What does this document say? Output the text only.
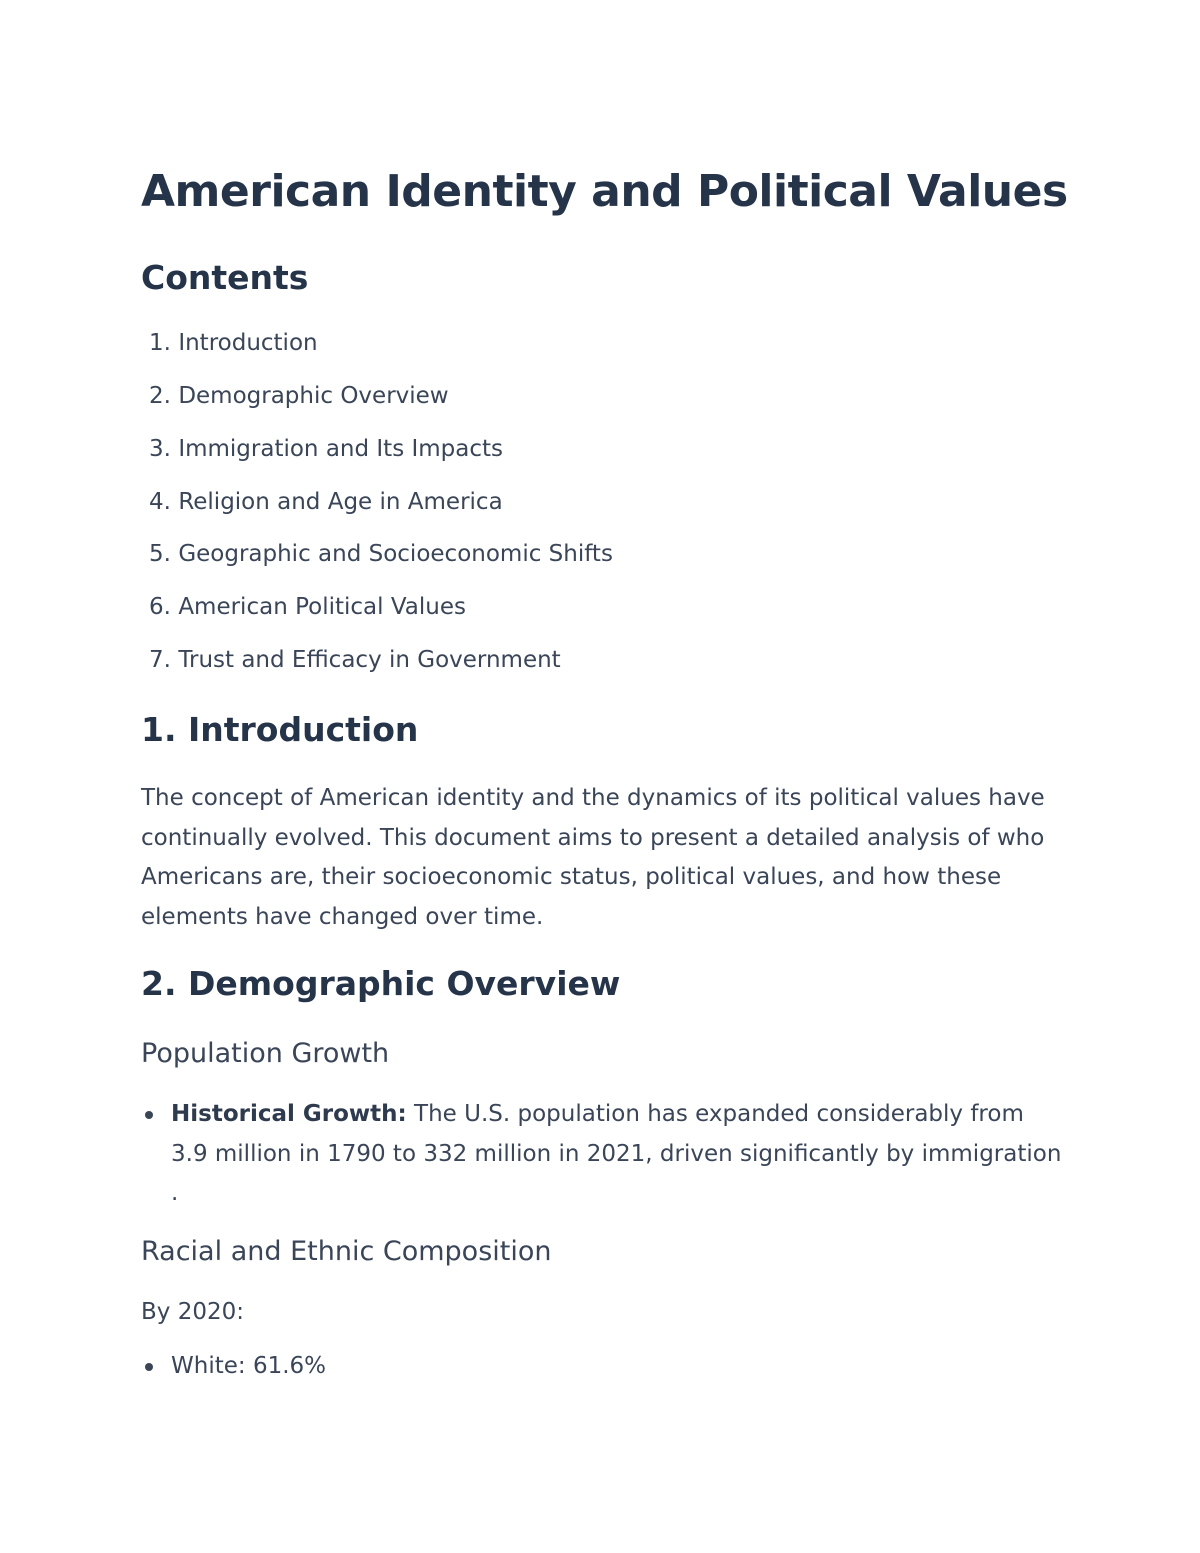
American Identity and Political Values
Contents
1. Introduction
2. Demographic Overview
3. Immigration and Its Impacts
4. Religion and Age in America
5. Geographic and Socioeconomic Shifts
6. American Political Values
7. Trust and Efficacy in Government
1. Introduction

The concept of American identity and the dynamics of its political values have continually evolved. This document aims to present a detailed analysis of who Americans are, their socioeconomic status, political values, and how these elements have changed over time.

2. Demographic Overview
Population Growth
Historical Growth: The U.S. population has expanded considerably from 3.9 million in 1790 to 332 million in 2021, driven significantly by immigration .
Racial and Ethnic Composition

By 2020:

White: 61.6%
